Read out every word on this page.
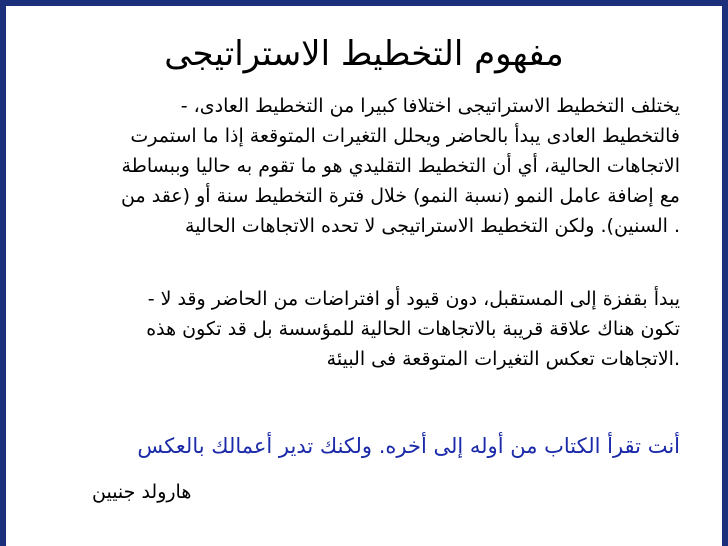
مفهوم التخطيط الاستراتيجى
يختلف التخطيط الاستراتيجى اختلافا كبيرا من التخطيط العادى، -
فالتخطيط العادى يبدأ بالحاضر ويحلل التغيرات المتوقعة إذا ما استمرت
الاتجاهات الحالية، أي أن التخطيط التقليدي هو ما تقوم به حاليا وببساطة
مع إضافة عامل النمو (نسبة النمو) خلال فترة التخطيط سنة أو (عقد من
. السنين). ولكن التخطيط الاستراتيجى لا تحده الاتجاهات الحالية
يبدأ بقفزة إلى المستقبل، دون قيود أو افتراضات من الحاضر وقد لا -
تكون هناك علاقة قريبة بالاتجاهات الحالية للمؤسسة بل قد تكون هذه
.الاتجاهات تعكس التغيرات المتوقعة فى البيئة
أنت تقرأ الكتاب من أوله إلى أخره. ولكنك تدير أعمالك بالعكس
هارولد جنيين
